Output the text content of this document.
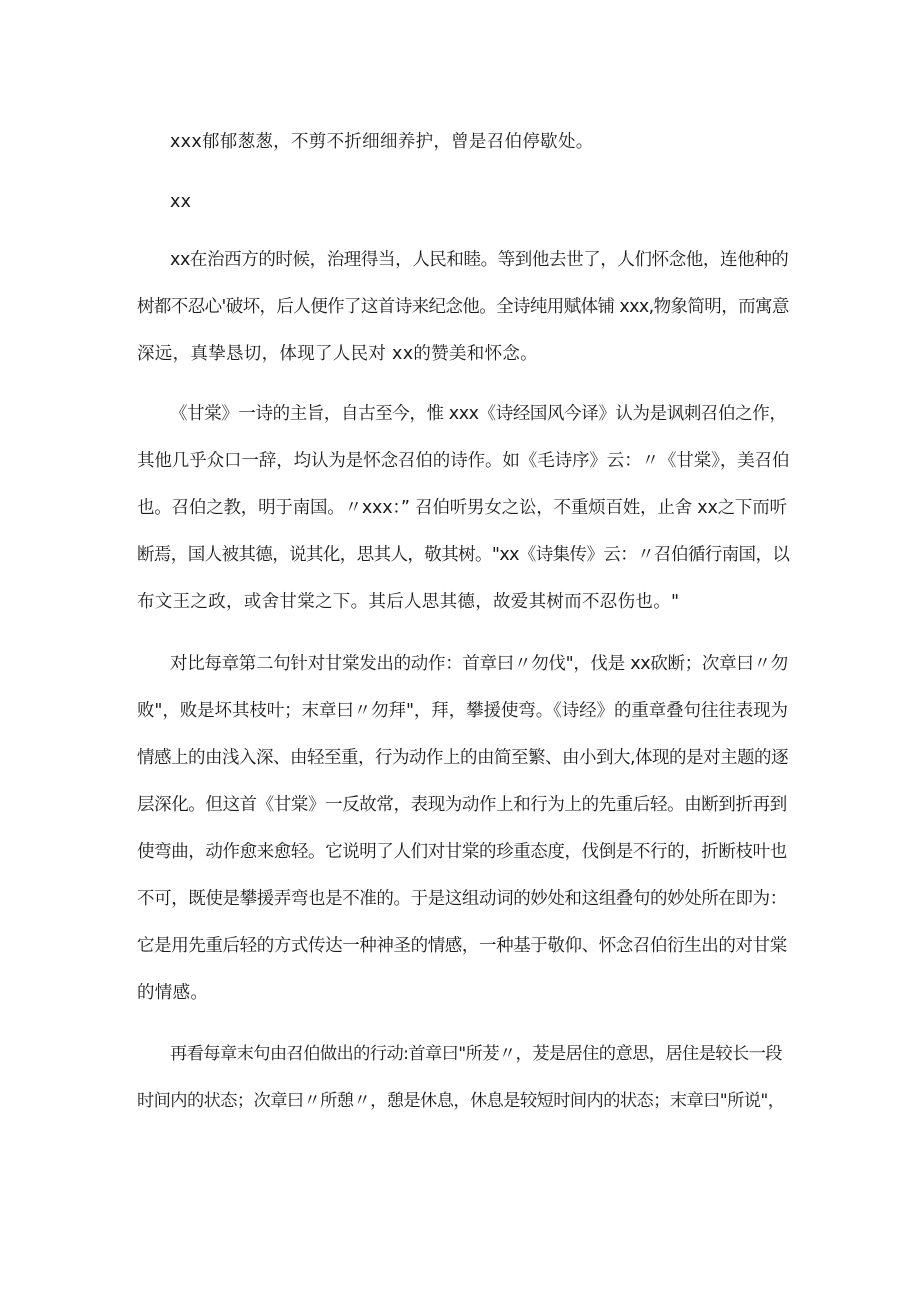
xxx郁郁葱葱，不剪不折细细养护，曾是召伯停歇处。
xx
xx在治西方的时候，治理得当，人民和睦。等到他去世了，人们怀念他，连他种的
树都不忍心'破坏，后人便作了这首诗来纪念他。全诗纯用赋体铺 xxx,物象简明，而寓意
深远，真挚恳切，体现了人民对 xx的赞美和怀念。
《甘棠》一诗的主旨，自古至今，惟 xxx《诗经国风今译》认为是讽刺召伯之作，
其他几乎众口一辞，均认为是怀念召伯的诗作。如《毛诗序》云：〃《甘棠》，美召伯
也。召伯之教，明于南国。〃xxx：” 召伯听男女之讼，不重烦百姓，止舍 xx之下而听
断焉，国人被其德，说其化，思其人，敬其树。"xx《诗集传》云：〃召伯循行南国，以
布文王之政，或舍甘棠之下。其后人思其德，故爱其树而不忍伤也。"
对比每章第二句针对甘棠发出的动作：首章曰〃勿伐"，伐是 xx砍断；次章曰〃勿
败"，败是坏其枝叶；末章曰〃勿拜"，拜，攀援使弯。《诗经》的重章叠句往往表现为
情感上的由浅入深、由轻至重，行为动作上的由简至繁、由小到大,体现的是对主题的逐
层深化。但这首《甘棠》一反故常，表现为动作上和行为上的先重后轻。由断到折再到
使弯曲，动作愈来愈轻。它说明了人们对甘棠的珍重态度，伐倒是不行的，折断枝叶也
不可，既使是攀援弄弯也是不准的。于是这组动词的妙处和这组叠句的妙处所在即为：
它是用先重后轻的方式传达一种神圣的情感，一种基于敬仰、怀念召伯衍生出的对甘棠
的情感。
再看每章末句由召伯做出的行动:首章曰"所茇〃，茇是居住的意思，居住是较长一段
时间内的状态；次章曰〃所憩〃，憩是休息，休息是较短时间内的状态；末章曰"所说"，
